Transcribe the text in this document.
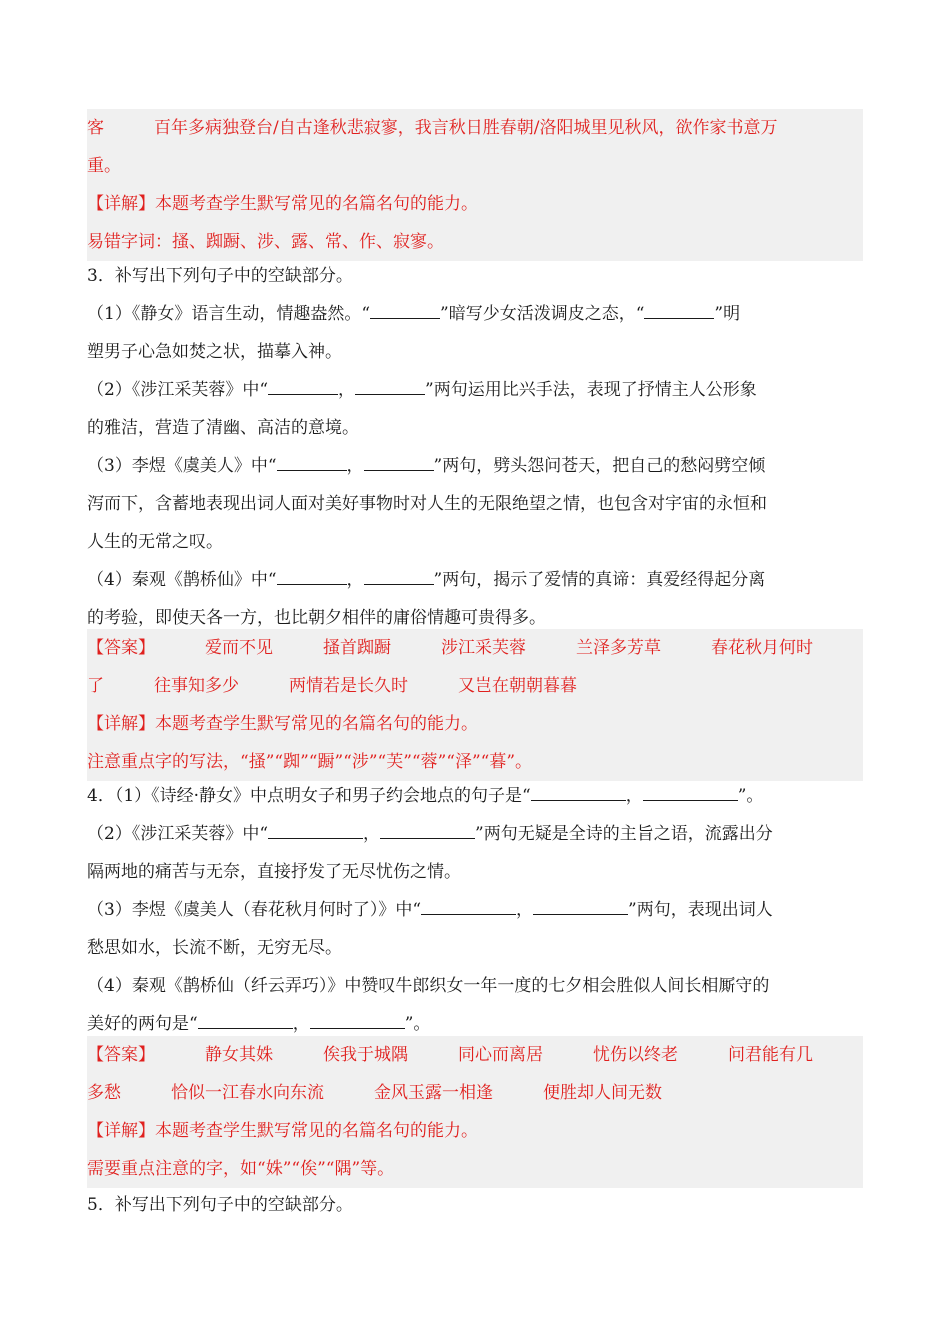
客	百年多病独登台/自古逢秋悲寂寥，我言秋日胜春朝/洛阳城里见秋风，欲作家书意万
重。
【详解】本题考查学生默写常见的名篇名句的能力。
易错字词：搔、踟蹰、涉、露、常、作、寂寥。
3．补写出下列句子中的空缺部分。
（1）《静女》语言生动，情趣盎然。“	”暗写少女活泼调皮之态，“	”明
塑男子心急如焚之状，描摹入神。
（2）《涉江采芙蓉》中“	，	”两句运用比兴手法，表现了抒情主人公形象
的雅洁，营造了清幽、高洁的意境。
（3）李煜《虞美人》中“	，	”两句，劈头怨问苍天，把自己的愁闷劈空倾
泻而下，含蓄地表现出词人面对美好事物时对人生的无限绝望之情，也包含对宇宙的永恒和
人生的无常之叹。
（4）秦观《鹊桥仙》中“	，	”两句，揭示了爱情的真谛：真爱经得起分离
的考验，即使天各一方，也比朝夕相伴的庸俗情趣可贵得多。
【答案】	爱而不见	搔首踟蹰	涉江采芙蓉	兰泽多芳草	春花秋月何时
了	往事知多少	两情若是长久时	又岂在朝朝暮暮
【详解】本题考查学生默写常见的名篇名句的能力。
注意重点字的写法，“搔”“踟”“蹰”“涉”“芙”“蓉”“泽”“暮”。
4．（1）《诗经·静女》中点明女子和男子约会地点的句子是“	，	”。
（2）《涉江采芙蓉》中“	，	”两句无疑是全诗的主旨之语，流露出分
隔两地的痛苦与无奈，直接抒发了无尽忧伤之情。
（3）李煜《虞美人（春花秋月何时了）》中“	，	”两句，表现出词人
愁思如水，长流不断，无穷无尽。
（4）秦观《鹊桥仙（纤云弄巧）》中赞叹牛郎织女一年一度的七夕相会胜似人间长相厮守的
美好的两句是“	，	”。
【答案】	静女其姝	俟我于城隅	同心而离居	忧伤以终老	问君能有几
多愁	恰似一江春水向东流	金风玉露一相逢	便胜却人间无数
【详解】本题考查学生默写常见的名篇名句的能力。
需要重点注意的字，如“姝”“俟”“隅”等。
5．补写出下列句子中的空缺部分。
